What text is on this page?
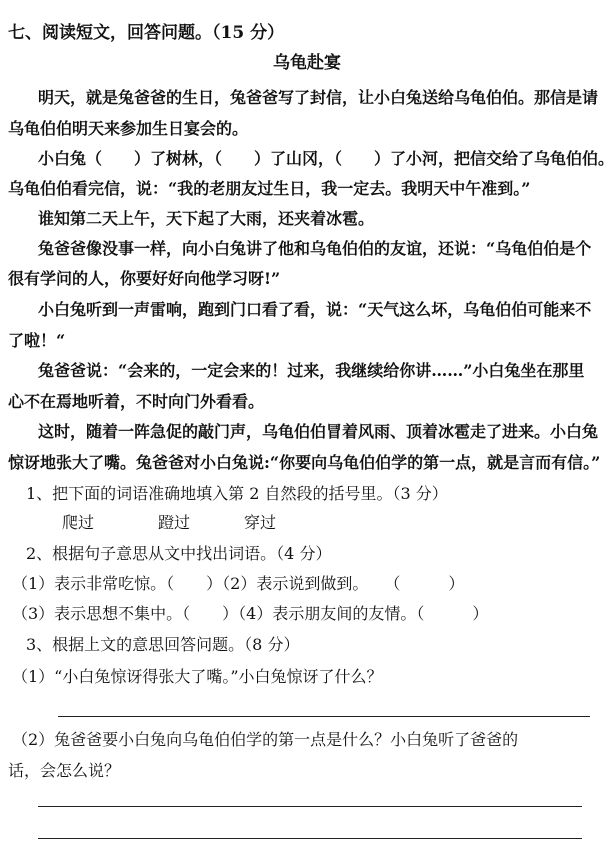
七、阅读短文，回答问题。（15 分）
乌龟赴宴
明天，就是兔爸爸的生日，兔爸爸写了封信，让小白兔送给乌龟伯伯。那信是请
乌龟伯伯明天来参加生日宴会的。
小白兔（　　）了树林，（　　）了山冈，（　　）了小河，把信交给了乌龟伯伯。
乌龟伯伯看完信，说：“我的老朋友过生日，我一定去。我明天中午准到。”
谁知第二天上午，天下起了大雨，还夹着冰雹。
兔爸爸像没事一样，向小白兔讲了他和乌龟伯伯的友谊，还说：“乌龟伯伯是个
很有学问的人，你要好好向他学习呀!”
小白兔听到一声雷响，跑到门口看了看，说：“天气这么坏，乌龟伯伯可能来不
了啦！“
兔爸爸说：“会来的，一定会来的！过来，我继续给你讲……”小白兔坐在那里
心不在焉地听着，不时向门外看看。
这时，随着一阵急促的敲门声，乌龟伯伯冒着风雨、顶着冰雹走了进来。小白兔
惊讶地张大了嘴。兔爸爸对小白兔说:“你要向乌龟伯伯学的第一点，就是言而有信。”
1、把下面的词语准确地填入第 2 自然段的括号里。（3 分）
爬过	蹬过	穿过
2、根据句子意思从文中找出词语。（4 分）
（1）表示非常吃惊。（　　）（2）表示说到做到。　　（　　　）
（3）表示思想不集中。（　　）（4）表示朋友间的友情。（　　　）
3、根据上文的意思回答问题。（8 分）
（1）“小白兔惊讶得张大了嘴。”小白兔惊讶了什么？
（2）兔爸爸要小白兔向乌龟伯伯学的第一点是什么？小白兔听了爸爸的
话，会怎么说？
